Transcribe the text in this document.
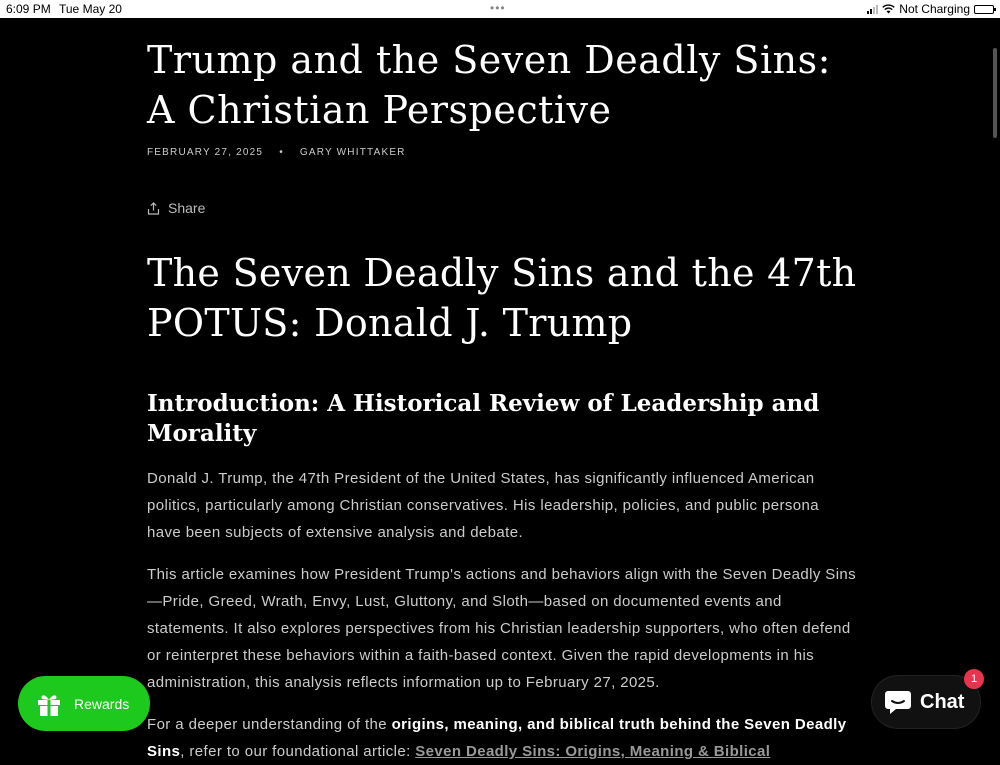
6:09 PM Tue May 20	•••	Not Charging
Trump and the Seven Deadly Sins: A Christian Perspective
FEBRUARY 27, 2025 • GARY WHITTAKER
Share
The Seven Deadly Sins and the 47th POTUS: Donald J. Trump
Introduction: A Historical Review of Leadership and Morality

Donald J. Trump, the 47th President of the United States, has significantly influenced American politics, particularly among Christian conservatives. His leadership, policies, and public persona have been subjects of extensive analysis and debate.

This article examines how President Trump's actions and behaviors align with the Seven Deadly Sins—Pride, Greed, Wrath, Envy, Lust, Gluttony, and Sloth—based on documented events and statements. It also explores perspectives from his Christian leadership supporters, who often defend or reinterpret these behaviors within a faith-based context. Given the rapid developments in his administration, this analysis reflects information up to February 27, 2025.

For a deeper understanding of the origins, meaning, and biblical truth behind the Seven Deadly Sins, refer to our foundational article: Seven Deadly Sins: Origins, Meaning & Biblical

Rewards	Chat
1
